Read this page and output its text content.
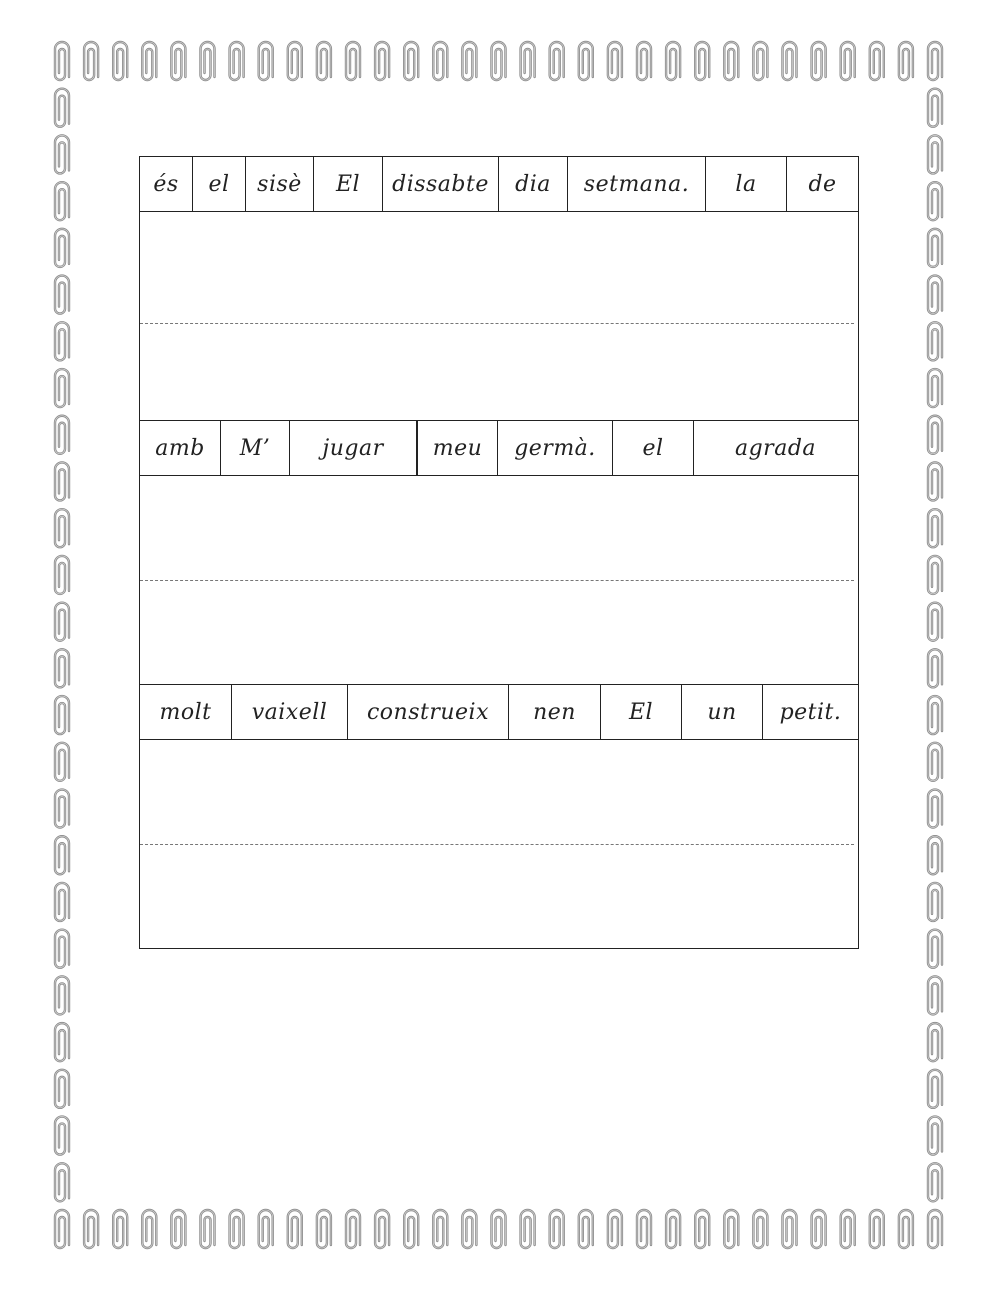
és	el	sisè	El	dissabte	dia	setmana.	la	de
amb	M’	jugar	meu	germà.	el	agrada
molt	vaixell	construeix	nen	El	un	petit.
